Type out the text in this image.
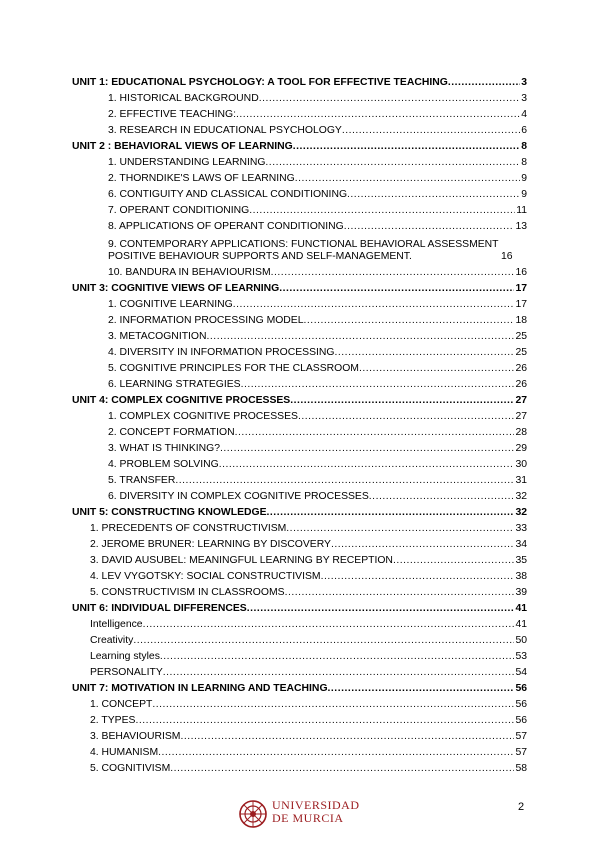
UNIT 1: EDUCATIONAL PSYCHOLOGY: A TOOL FOR EFFECTIVE TEACHING .....	3
1. HISTORICAL BACKGROUND .....	3
2. EFFECTIVE TEACHING: .....	4
3. RESEARCH IN EDUCATIONAL PSYCHOLOGY .....	6
UNIT 2 : BEHAVIORAL VIEWS OF LEARNING .....	8
1. UNDERSTANDING LEARNING .....	8
2. THORNDIKE'S LAWS OF LEARNING .....	9
6. CONTIGUITY AND CLASSICAL CONDITIONING .....	9
7. OPERANT CONDITIONING .....	11
8. APPLICATIONS OF OPERANT CONDITIONING .....	13
9. CONTEMPORARY APPLICATIONS: FUNCTIONAL BEHAVIORAL ASSESSMENT POSITIVE BEHAVIOUR SUPPORTS AND SELF-MANAGEMENT.	16
10. BANDURA IN BEHAVIOURISM .....	16
UNIT 3: COGNITIVE VIEWS OF LEARNING .....	17
1. COGNITIVE LEARNING .....	17
2. INFORMATION PROCESSING MODEL .....	18
3. METACOGNITION .....	25
4. DIVERSITY IN INFORMATION PROCESSING .....	25
5. COGNITIVE PRINCIPLES FOR THE CLASSROOM .....	26
6. LEARNING STRATEGIES .....	26
UNIT 4: COMPLEX COGNITIVE PROCESSES .....	27
1. COMPLEX COGNITIVE PROCESSES .....	27
2. CONCEPT FORMATION .....	28
3. WHAT IS THINKING? .....	29
4. PROBLEM SOLVING .....	30
5. TRANSFER .....	31
6. DIVERSITY IN COMPLEX COGNITIVE PROCESSES .....	32
UNIT 5: CONSTRUCTING KNOWLEDGE .....	32
1. PRECEDENTS OF CONSTRUCTIVISM .....	33
2. JEROME BRUNER: LEARNING BY DISCOVERY .....	34
3. DAVID AUSUBEL: MEANINGFUL LEARNING BY RECEPTION .....	35
4. LEV VYGOTSKY: SOCIAL CONSTRUCTIVISM .....	38
5. CONSTRUCTIVISM IN CLASSROOMS .....	39
UNIT 6: INDIVIDUAL DIFFERENCES .....	41
Intelligence .....	41
Creativity .....	50
Learning styles .....	53
PERSONALITY .....	54
UNIT 7: MOTIVATION IN LEARNING AND TEACHING .....	56
1. CONCEPT .....	56
2. TYPES .....	56
3. BEHAVIOURISM .....	57
4. HUMANISM .....	57
5. COGNITIVISM .....	58
UNIVERSIDAD
DE MURCIA
2
